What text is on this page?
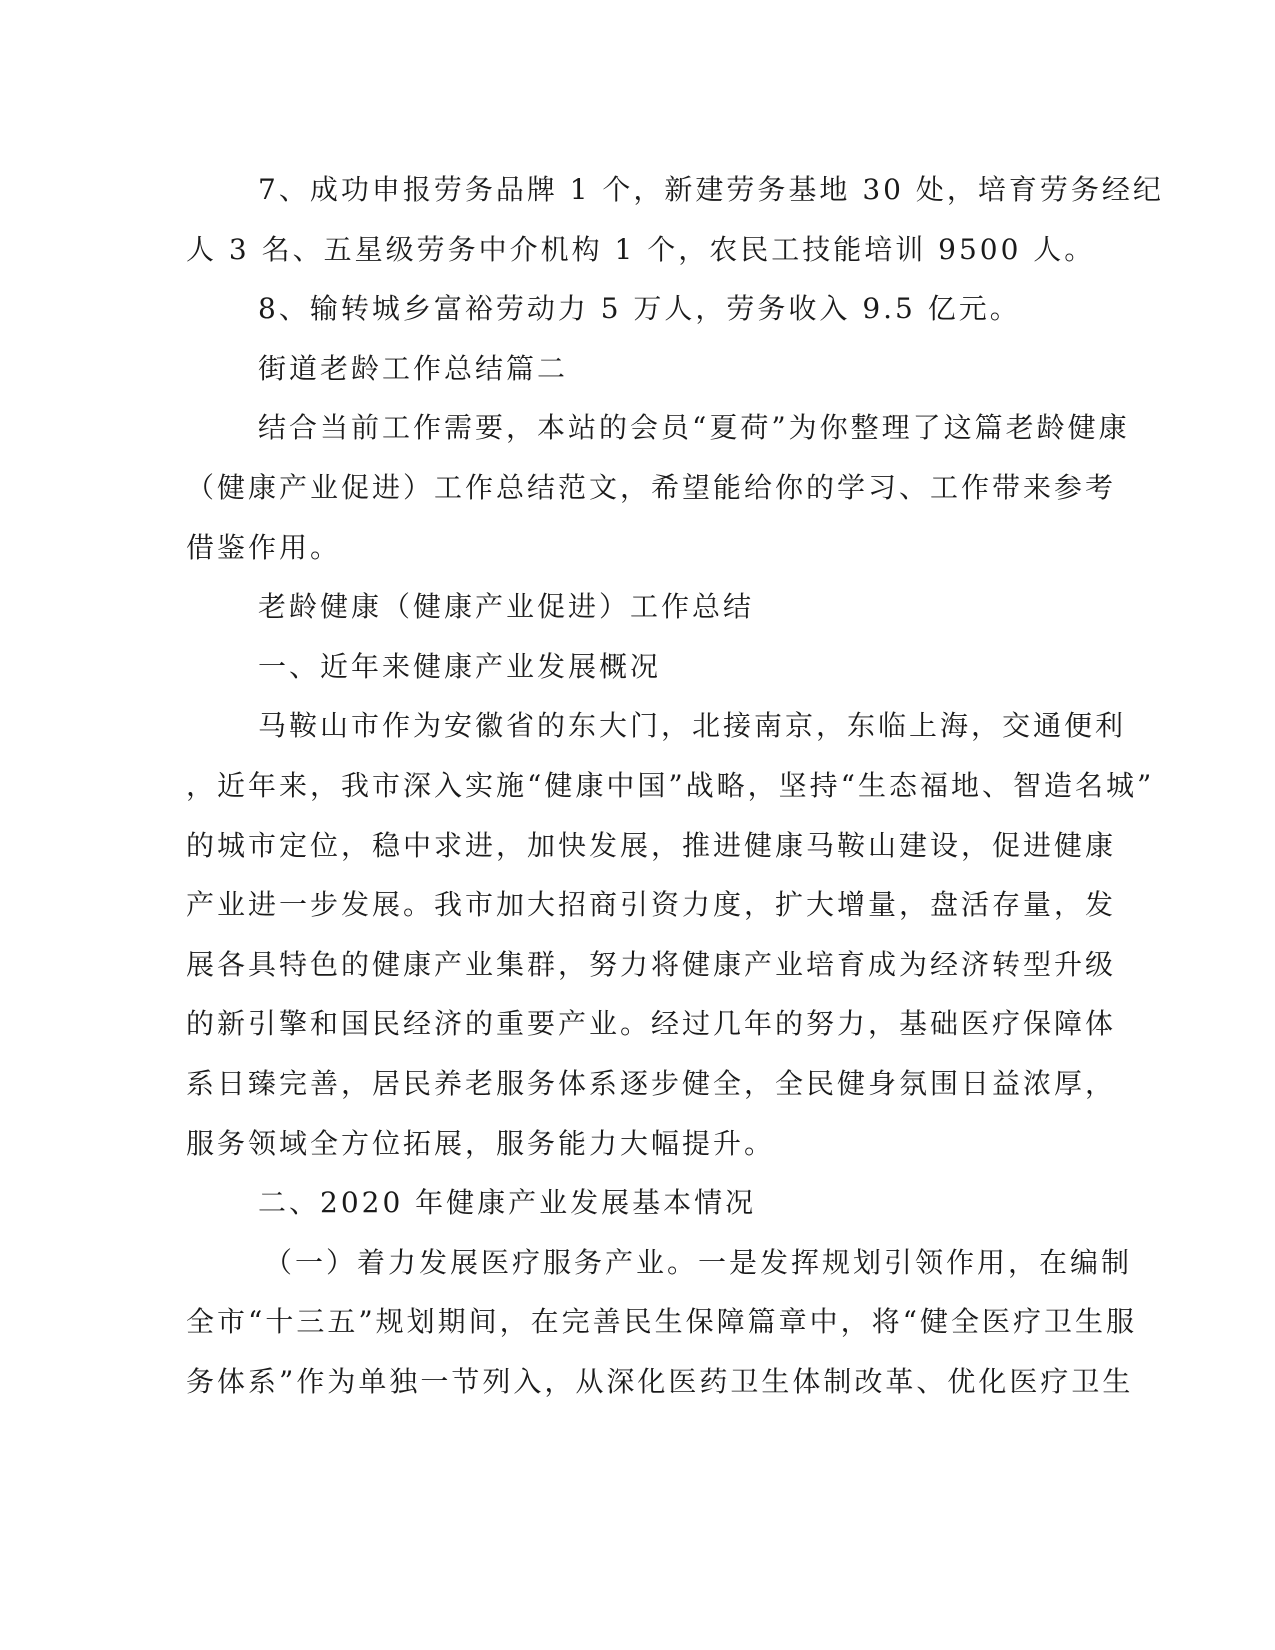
7、成功申报劳务品牌 1 个，新建劳务基地 30 处，培育劳务经纪
人 3 名、五星级劳务中介机构 1 个，农民工技能培训 9500 人。
8、输转城乡富裕劳动力 5 万人，劳务收入 9.5 亿元。
街道老龄工作总结篇二
结合当前工作需要，本站的会员“夏荷”为你整理了这篇老龄健康
（健康产业促进）工作总结范文，希望能给你的学习、工作带来参考
借鉴作用。
老龄健康（健康产业促进）工作总结
一、近年来健康产业发展概况
马鞍山市作为安徽省的东大门，北接南京，东临上海，交通便利
，近年来，我市深入实施“健康中国”战略，坚持“生态福地、智造名城”
的城市定位，稳中求进，加快发展，推进健康马鞍山建设，促进健康
产业进一步发展。我市加大招商引资力度，扩大增量，盘活存量，发
展各具特色的健康产业集群，努力将健康产业培育成为经济转型升级
的新引擎和国民经济的重要产业。经过几年的努力，基础医疗保障体
系日臻完善，居民养老服务体系逐步健全，全民健身氛围日益浓厚，
服务领域全方位拓展，服务能力大幅提升。
二、2020 年健康产业发展基本情况
（一）着力发展医疗服务产业。一是发挥规划引领作用，在编制
全市“十三五”规划期间，在完善民生保障篇章中，将“健全医疗卫生服
务体系”作为单独一节列入，从深化医药卫生体制改革、优化医疗卫生
